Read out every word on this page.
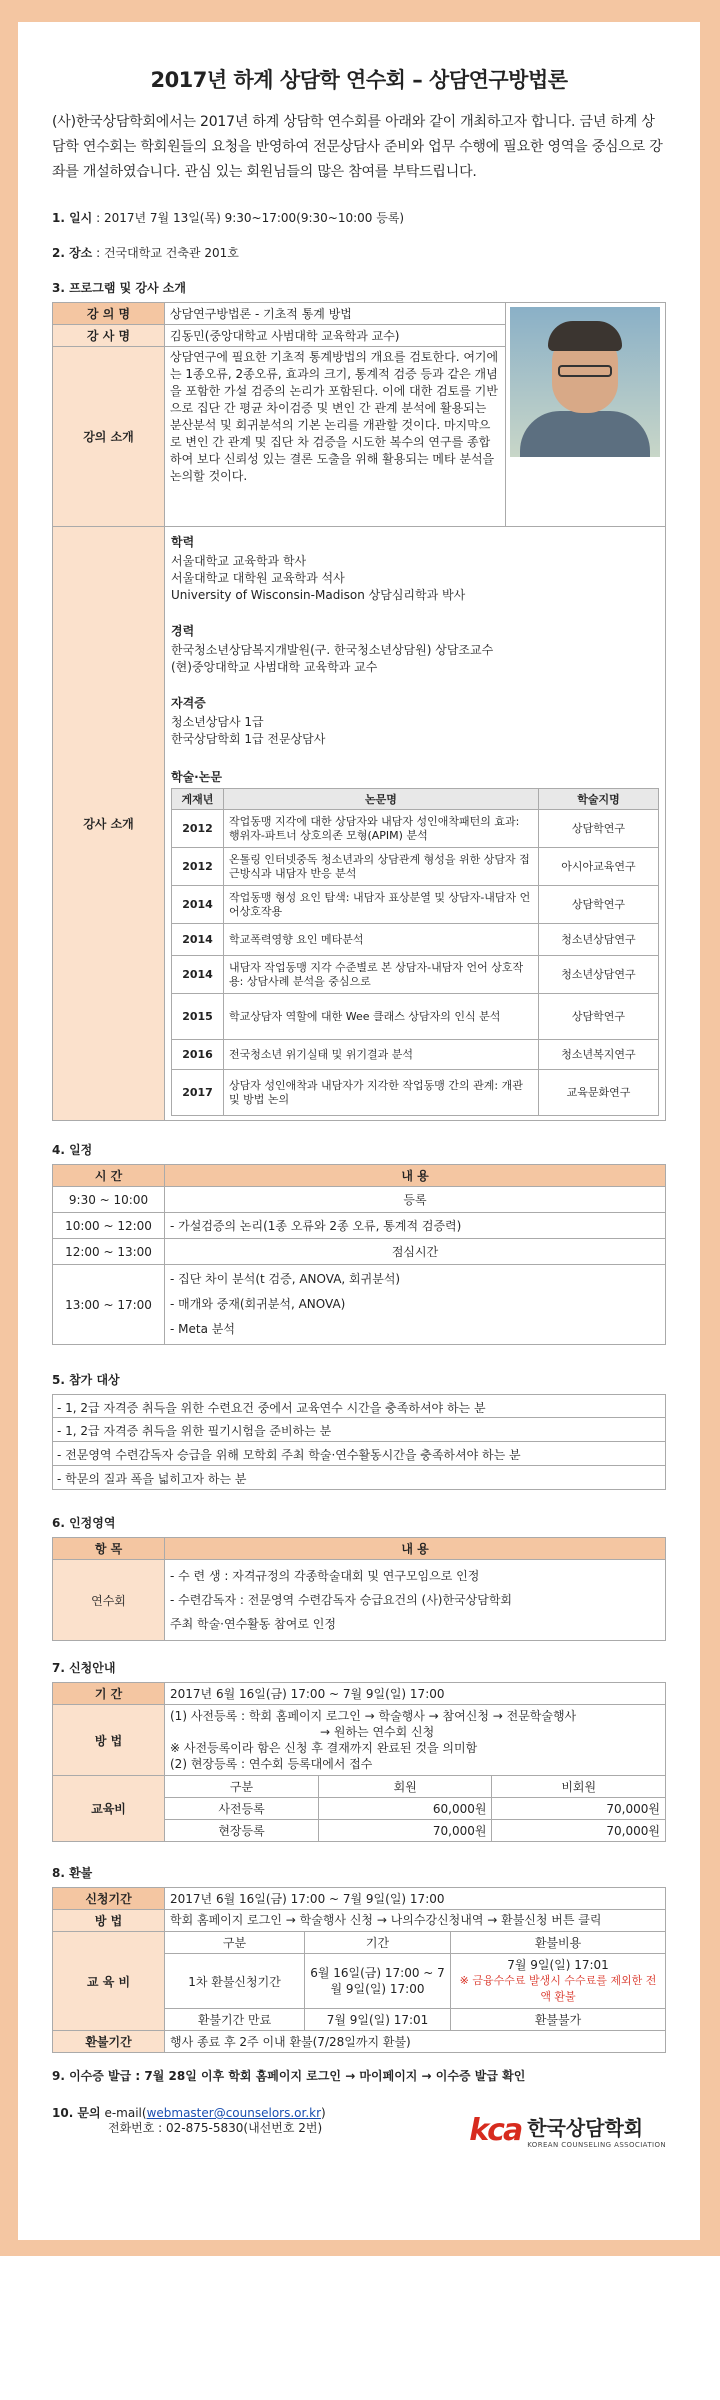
2017년 하계 상담학 연수회 – 상담연구방법론

(사)한국상담학회에서는 2017년 하계 상담학 연수회를 아래와 같이 개최하고자 합니다. 금년 하계 상담학 연수회는 학회원들의 요청을 반영하여 전문상담사 준비와 업무 수행에 필요한 영역을 중심으로 강좌를 개설하였습니다. 관심 있는 회원님들의 많은 참여를 부탁드립니다.

1. 일시 : 2017년 7월 13일(목) 9:30~17:00(9:30~10:00 등록)
2. 장소 : 건국대학교 건축관 201호
3. 프로그램 및 강사 소개
강 의 명	상담연구방법론 - 기초적 통계 방법	

강 사 명	김동민(중앙대학교 사범대학 교육학과 교수)
강의 소개	상담연구에 필요한 기초적 통계방법의 개요를 검토한다. 여기에는 1종오류, 2종오류, 효과의 크기, 통계적 검증 등과 같은 개념을 포함한 가설 검증의 논리가 포함된다. 이에 대한 검토를 기반으로 집단 간 평균 차이검증 및 변인 간 관계 분석에 활용되는 분산분석 및 회귀분석의 기본 논리를 개관할 것이다. 마지막으로 변인 간 관계 및 집단 차 검증을 시도한 복수의 연구를 종합하여 보다 신뢰성 있는 결론 도출을 위해 활용되는 메타 분석을 논의할 것이다.
강사 소개	
학력
서울대학교 교육학과 학사
서울대학교 대학원 교육학과 석사
University of Wisconsin-Madison 상담심리학과 박사
경력
한국청소년상담복지개발원(구. 한국청소년상담원) 상담조교수
(현)중앙대학교 사범대학 교육학과 교수
자격증
청소년상담사 1급
한국상담학회 1급 전문상담사
학술·논문
게재년	논문명	학술지명
2012	작업동맹 지각에 대한 상담자와 내담자 성인애착패턴의 효과: 행위자-파트너 상호의존 모형(APIM) 분석	상담학연구
2012	온톨링 인터넷중독 청소년과의 상담관계 형성을 위한 상담자 접근방식과 내담자 반응 분석	아시아교육연구
2014	작업동맹 형성 요인 탐색: 내담자 표상분열 및 상담자-내담자 언어상호작용	상담학연구
2014	학교폭력영향 요인 메타분석	청소년상담연구
2014	내담자 작업동맹 지각 수준별로 본 상담자-내담자 언어 상호작용: 상담사례 분석을 중심으로	청소년상담연구
2015	학교상담자 역할에 대한 Wee 클래스 상담자의 인식 분석	상담학연구
2016	전국청소년 위기실태 및 위기결과 분석	청소년복지연구
2017	상담자 성인애착과 내담자가 지각한 작업동맹 간의 관계: 개관 및 방법 논의	교육문화연구
4. 일정
시 간	내 용
9:30 ~ 10:00	등록
10:00 ~ 12:00	- 가설검증의 논리(1종 오류와 2종 오류, 통계적 검증력)
12:00 ~ 13:00	점심시간
13:00 ~ 17:00	- 집단 차이 분석(t 검증, ANOVA, 회귀분석)
- 매개와 중재(회귀분석, ANOVA)
- Meta 분석
5. 참가 대상
- 1, 2급 자격증 취득을 위한 수련요건 중에서 교육연수 시간을 충족하셔야 하는 분
- 1, 2급 자격증 취득을 위한 필기시험을 준비하는 분
- 전문영역 수련감독자 승급을 위해 모학회 주최 학술·연수활동시간을 충족하셔야 하는 분
- 학문의 질과 폭을 넓히고자 하는 분
6. 인정영역
항 목	내 용
연수회	- 수 련 생 : 자격규정의 각종학술대회 및 연구모임으로 인정
- 수련감독자 : 전문영역 수련감독자 승급요건의 (사)한국상담학회
주최 학술·연수활동 참여로 인정
7. 신청안내
기 간	2017년 6월 16일(금) 17:00 ~ 7월 9일(일) 17:00		
방 법	(1) 사전등록 : 학회 홈페이지 로그인 → 학술행사 → 참여신청 → 전문학술행사
→ 원하는 연수회 신청
※ 사전등록이라 함은 신청 후 결재까지 완료된 것을 의미함
(2) 현장등록 : 연수회 등록대에서 접수		

교육비	구분	회원	비회원
	사전등록	60,000원	70,000원
	현장등록	70,000원	70,000원
8. 환불
신청기간	2017년 6월 16일(금) 17:00 ~ 7월 9일(일) 17:00		
방 법	학회 홈페이지 로그인 → 학술행사 신청 → 나의수강신청내역 → 환불신청 버튼 클릭		
교 육 비	구분	기간	환불비용
	1차 환불신청기간	6월 16일(금) 17:00 ~ 7월 9일(일) 17:00	7월 9일(일) 17:01
※ 금융수수료 발생시 수수료를 제외한 전액 환불

	환불기간 만료	7월 9일(일) 17:01	환불불가
환불기간	행사 종료 후 2주 이내 환불(7/28일까지 환불)		
9. 이수증 발급 : 7월 28일 이후 학회 홈페이지 로그인 → 마이페이지 → 이수증 발급 확인
10. 문의 e-mail(webmaster@counselors.or.kr)
전화번호 : 02-875-5830(내선번호 2번)	kca 한국상담학회
KOREAN COUNSELING ASSOCIATION
